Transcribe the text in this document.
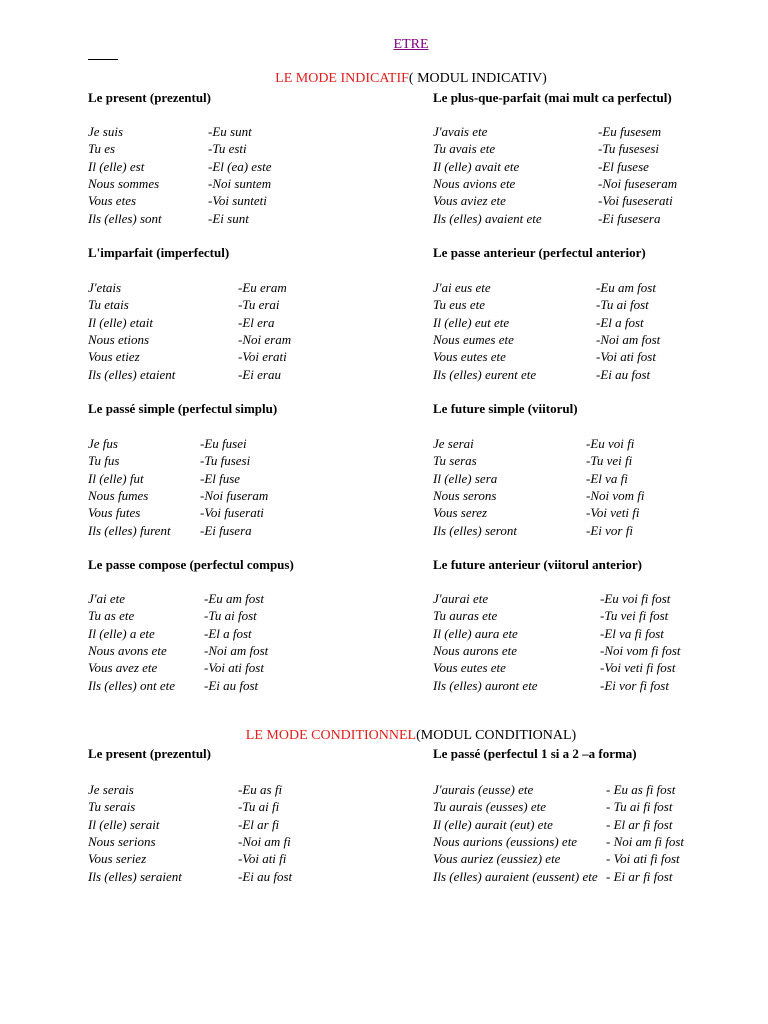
ETRE
LE MODE INDICATIF( MODUL INDICATIV)
LE MODE CONDITIONNEL(MODUL CONDITIONAL)
Le present (prezentul)
Je suis	-Eu sunt
Tu es	-Tu esti
Il (elle) est	-El (ea) este
Nous sommes	-Noi suntem
Vous etes	-Voi sunteti
Ils (elles) sont	-Ei sunt
Le plus-que-parfait (mai mult ca perfectul)
J'avais ete	-Eu fusesem
Tu avais ete	-Tu fusesesi
Il (elle) avait ete	-El fusese
Nous avions ete	-Noi fuseseram
Vous aviez ete	-Voi fuseserati
Ils (elles) avaient ete	-Ei fusesera
L'imparfait (imperfectul)
J'etais	-Eu eram
Tu etais	-Tu erai
Il (elle) etait	-El era
Nous etions	-Noi eram
Vous etiez	-Voi erati
Ils (elles) etaient	-Ei erau
Le passe anterieur (perfectul anterior)
J'ai eus ete	-Eu am fost
Tu eus ete	-Tu ai fost
Il (elle) eut ete	-El a fost
Nous eumes ete	-Noi am fost
Vous eutes ete	-Voi ati fost
Ils (elles) eurent ete	-Ei au fost
Le passé simple (perfectul simplu)
Je fus	-Eu fusei
Tu fus	-Tu fusesi
Il (elle) fut	-El fuse
Nous fumes	-Noi fuseram
Vous futes	-Voi fuserati
Ils (elles) furent -Ei fusera
Le future simple (viitorul)
Je serai	-Eu voi fi
Tu seras	-Tu vei fi
Il (elle) sera	-El va fi
Nous serons	-Noi vom fi
Vous serez	-Voi veti fi
Ils (elles) seront	-Ei vor fi
Le passe compose (perfectul compus)
J'ai ete	-Eu am fost
Tu as ete	-Tu ai fost
Il (elle) a ete	-El a fost
Nous avons ete	-Noi am fost
Vous avez ete	-Voi ati fost
Ils (elles) ont ete -Ei au fost
Le future anterieur (viitorul anterior)
J'aurai ete	-Eu voi fi fost
Tu auras ete	-Tu vei fi fost
Il (elle) aura ete	-El va fi fost
Nous aurons ete	-Noi vom fi fost
Vous eutes ete	-Voi veti fi fost
Ils (elles) auront ete	-Ei vor fi fost
Le present (prezentul)
Je serais	-Eu as fi
Tu serais	-Tu ai fi
Il (elle) serait	-El ar fi
Nous serions	-Noi am fi
Vous seriez	-Voi ati fi
Ils (elles) seraient	-Ei au fost
Le passé (perfectul 1 si a 2 –a forma)
J'aurais (eusse) ete	- Eu as fi fost
Tu aurais (eusses) ete	- Tu ai fi fost
Il (elle) aurait (eut) ete	- El ar fi fost
Nous aurions (eussions) ete - Noi am fi fost
Vous auriez (eussiez) ete	- Voi ati fi fost
Ils (elles) auraient (eussent) ete - Ei ar fi fost
